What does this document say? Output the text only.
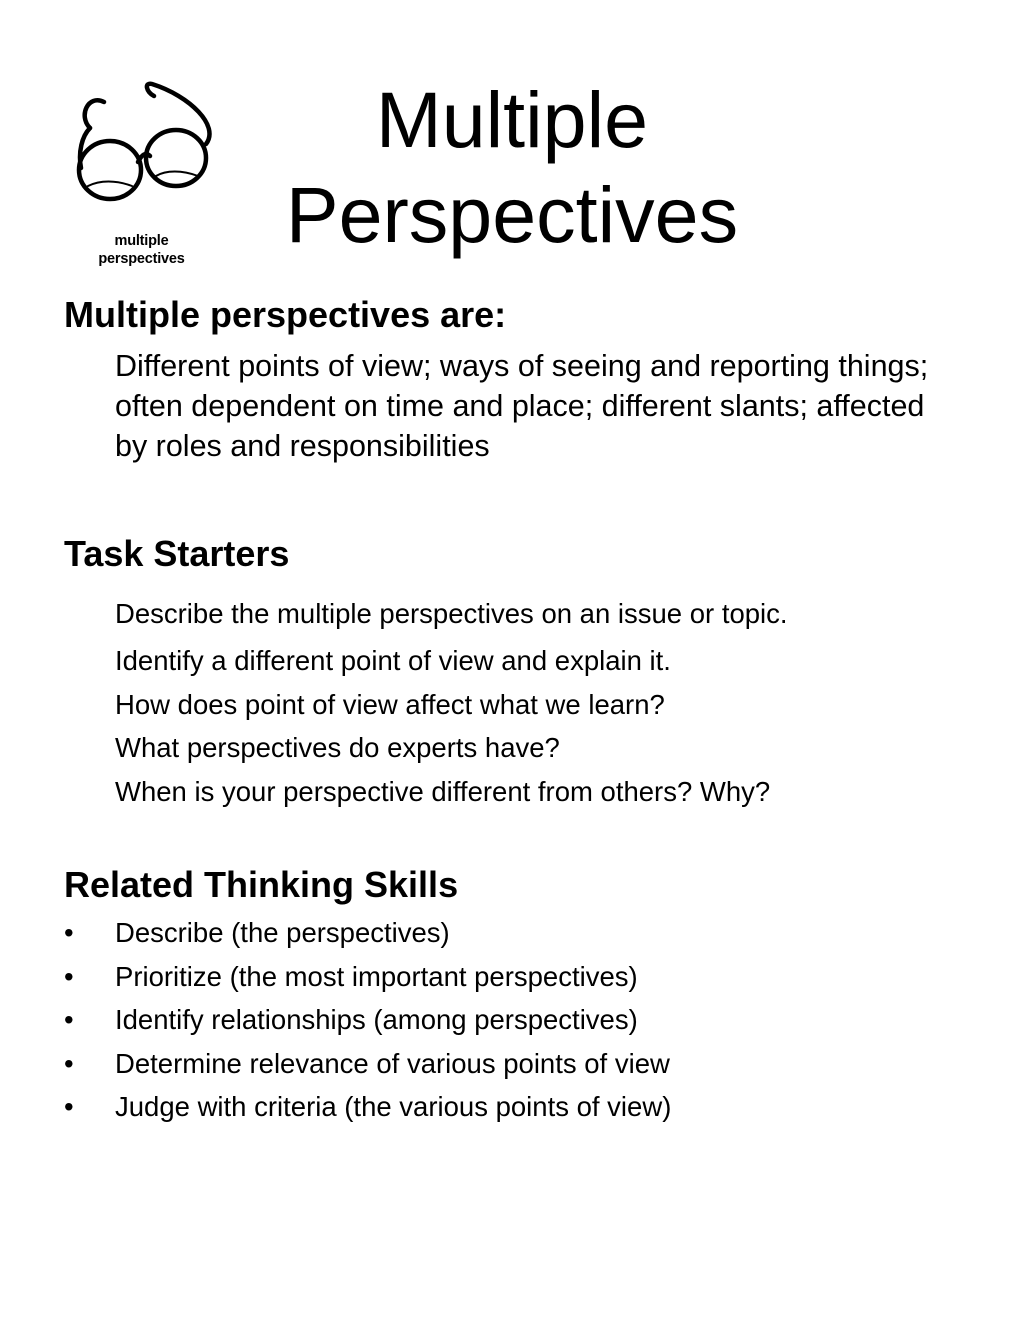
multiple
perspectives
Multiple
Perspectives
Multiple perspectives are:

Different points of view; ways of seeing and reporting things; often dependent on time and place; different slants; affected by roles and responsibilities

Task Starters
Describe the multiple perspectives on an issue or topic.
Identify a different point of view and explain it.
How does point of view affect what we learn?
What perspectives do experts have?
When is your perspective different from others? Why?
Related Thinking Skills
•	Describe (the perspectives)
•	Prioritize (the most important perspectives)
•	Identify relationships (among perspectives)
•	Determine relevance of various points of view
•	Judge with criteria (the various points of view)
